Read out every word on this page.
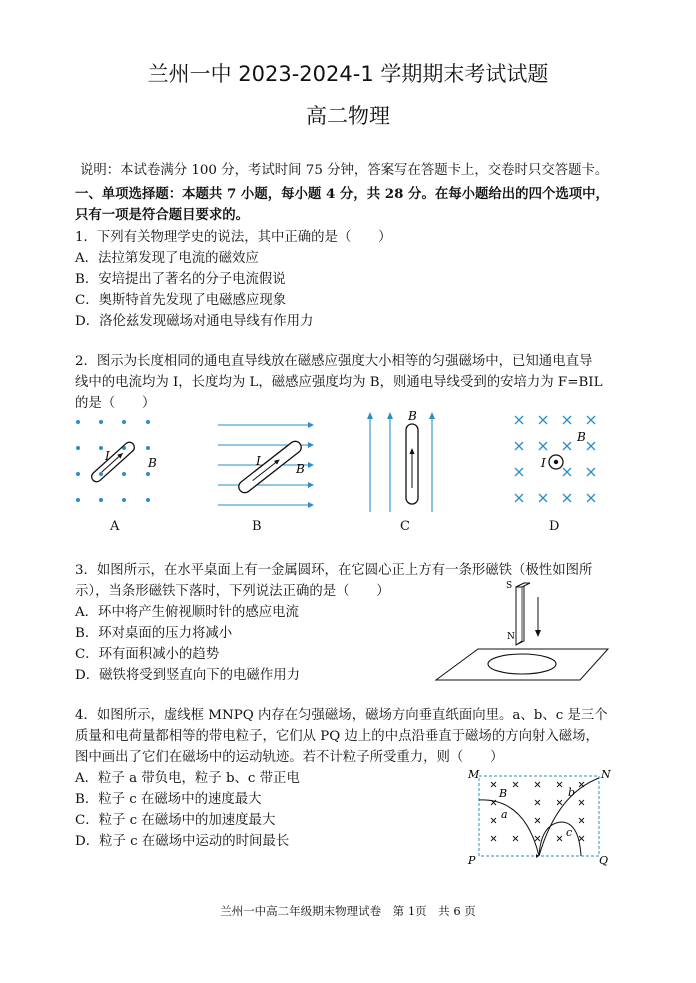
兰州一中 2023-2024-1 学期期末考试试题
高二物理
说明：本试卷满分 100 分，考试时间 75 分钟，答案写在答题卡上，交卷时只交答题卡。
一、单项选择题：本题共 7 小题，每小题 4 分，共 28 分。在每小题给出的四个选项中，
只有一项是符合题目要求的。
1．下列有关物理学史的说法，其中正确的是（　　）
A．法拉第发现了电流的磁效应
B．安培提出了著名的分子电流假说
C．奥斯特首先发现了电磁感应现象
D．洛伦兹发现磁场对通电导线有作用力
2．图示为长度相同的通电直导线放在磁感应强度大小相等的匀强磁场中，已知通电直导
线中的电流均为 I，长度均为 L，磁感应强度均为 B，则通电导线受到的安培力为 F=BIL
的是（　　）
I	B
A
I
B
B
B
C
I
B
D
3．如图所示，在水平桌面上有一金属圆环，在它圆心正上方有一条形磁铁（极性如图所
示），当条形磁铁下落时，下列说法正确的是（　　）
A．环中将产生俯视顺时针的感应电流
B．环对桌面的压力将减小
C．环有面积减小的趋势
D．磁铁将受到竖直向下的电磁作用力
S
N
4．如图所示，虚线框 MNPQ 内存在匀强磁场，磁场方向垂直纸面向里。a、b、c 是三个
质量和电荷量都相等的带电粒子，它们从 PQ 边上的中点沿垂直于磁场的方向射入磁场，
图中画出了它们在磁场中的运动轨迹。若不计粒子所受重力，则（　　）
A．粒子 a 带负电，粒子 b、c 带正电
B．粒子 c 在磁场中的速度最大
C．粒子 c 在磁场中的加速度最大
D．粒子 c 在磁场中运动的时间最长
M	N
P	Q
B
a
b
c
兰州一中高二年级期末物理试卷　第 1页　共 6 页
